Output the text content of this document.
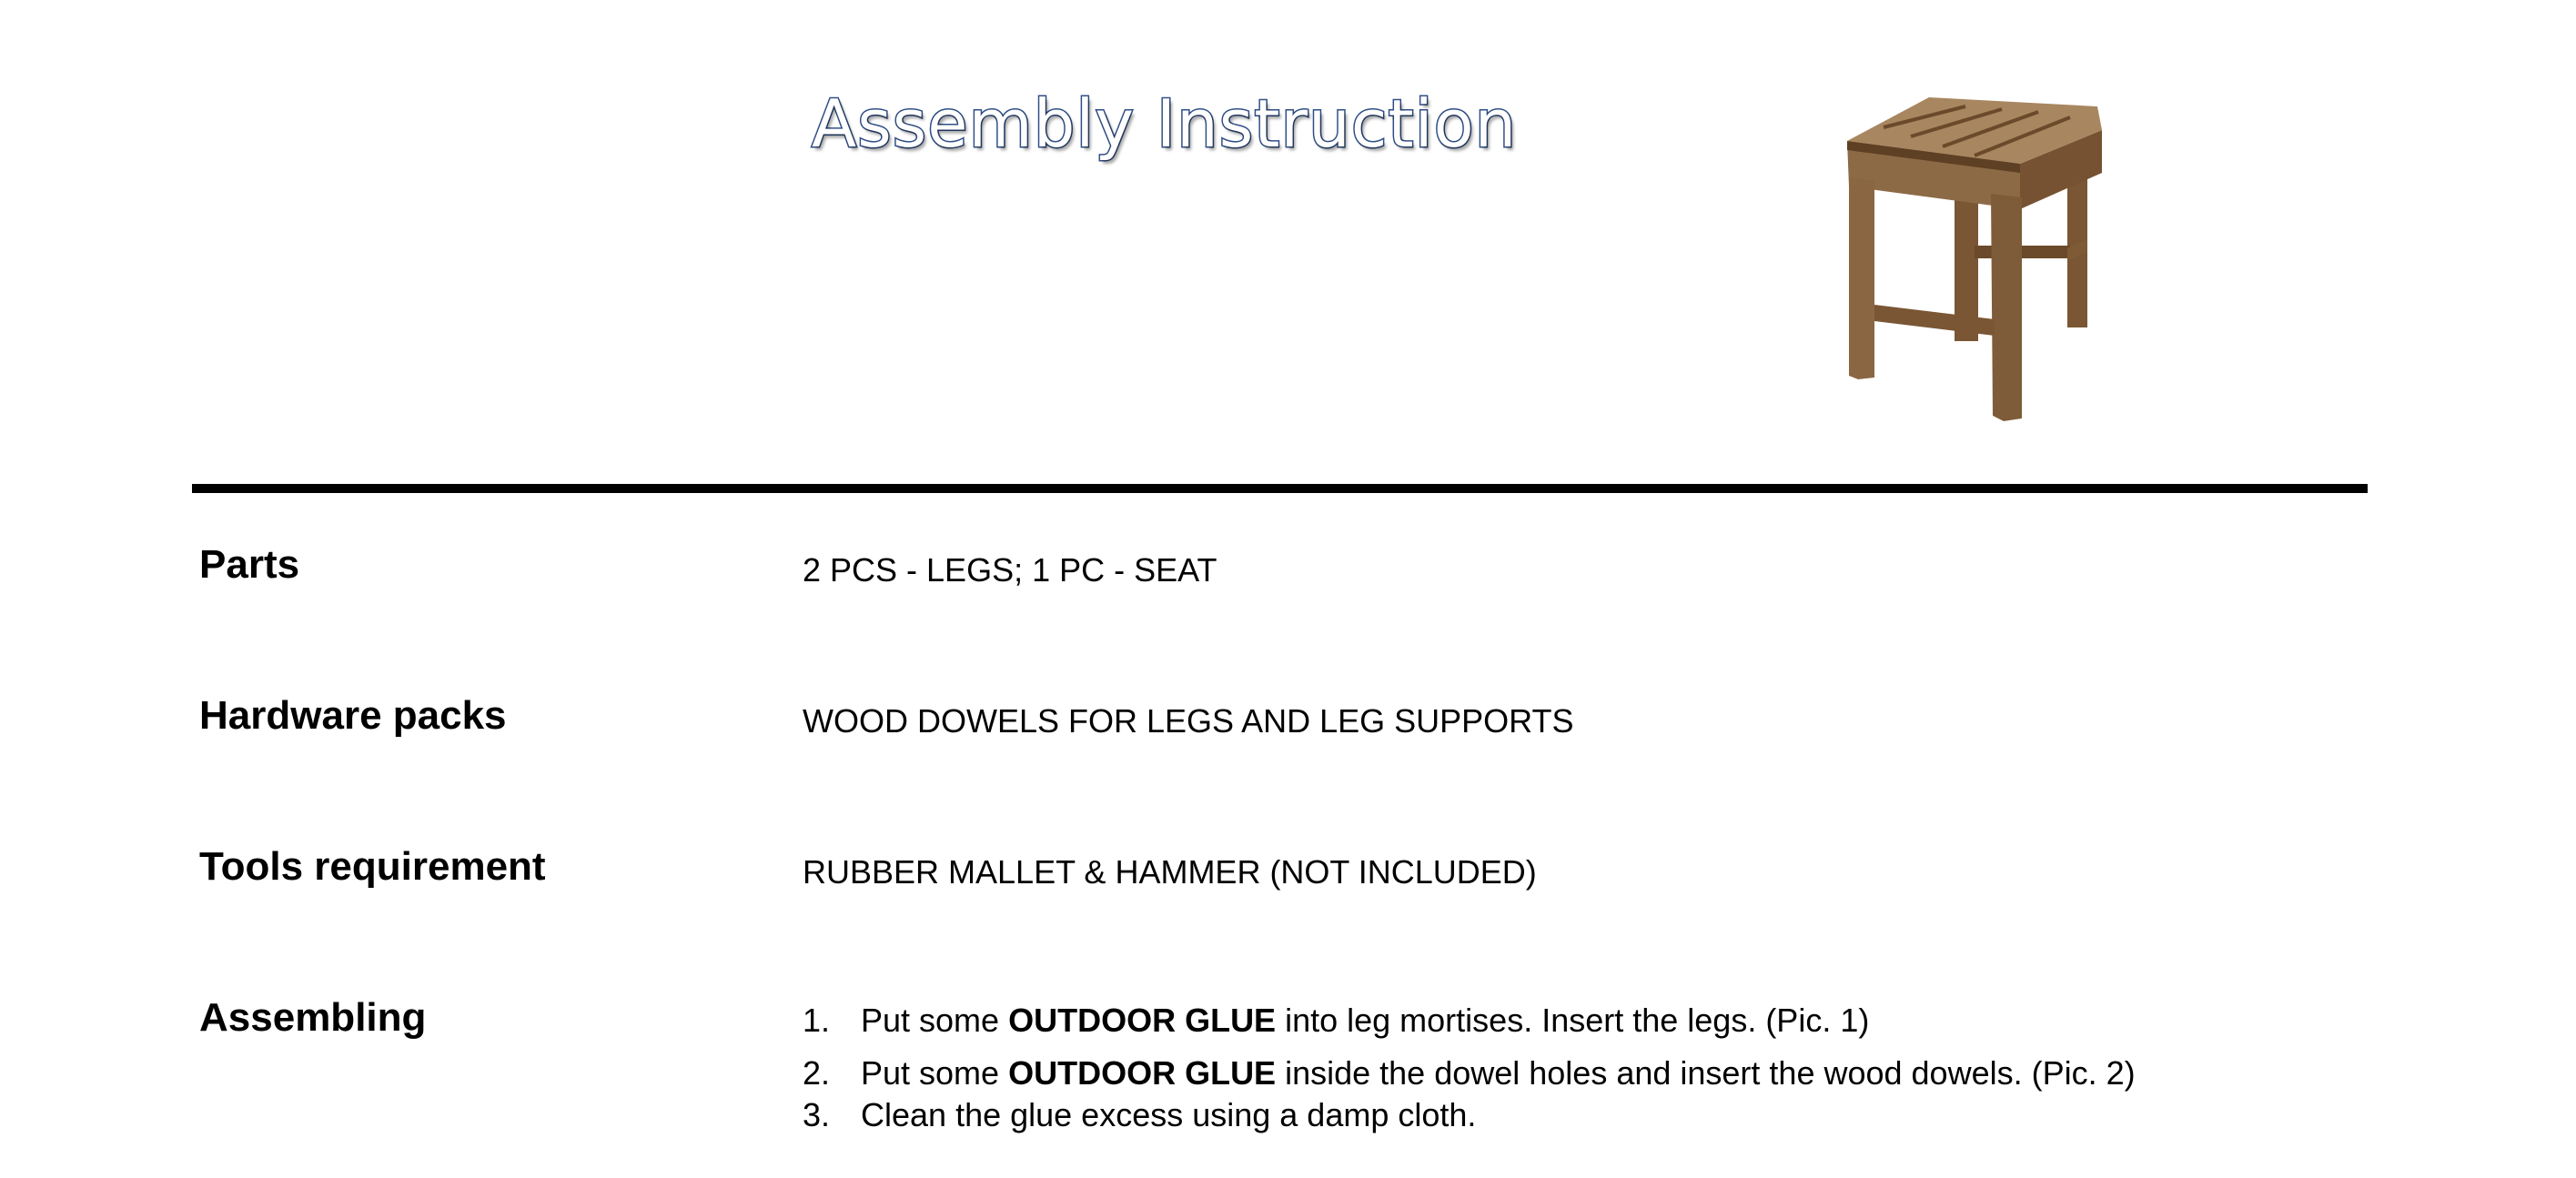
Assembly Instruction
Parts	2 PCS - LEGS; 1 PC - SEAT
Hardware packs	WOOD DOWELS FOR LEGS AND LEG SUPPORTS
Tools requirement	RUBBER MALLET & HAMMER (NOT INCLUDED)
Assembling	1. Put some OUTDOOR GLUE into leg mortises. Insert the legs. (Pic. 1)
2. Put some OUTDOOR GLUE inside the dowel holes and insert the wood dowels. (Pic. 2)
3. Clean the glue excess using a damp cloth.
